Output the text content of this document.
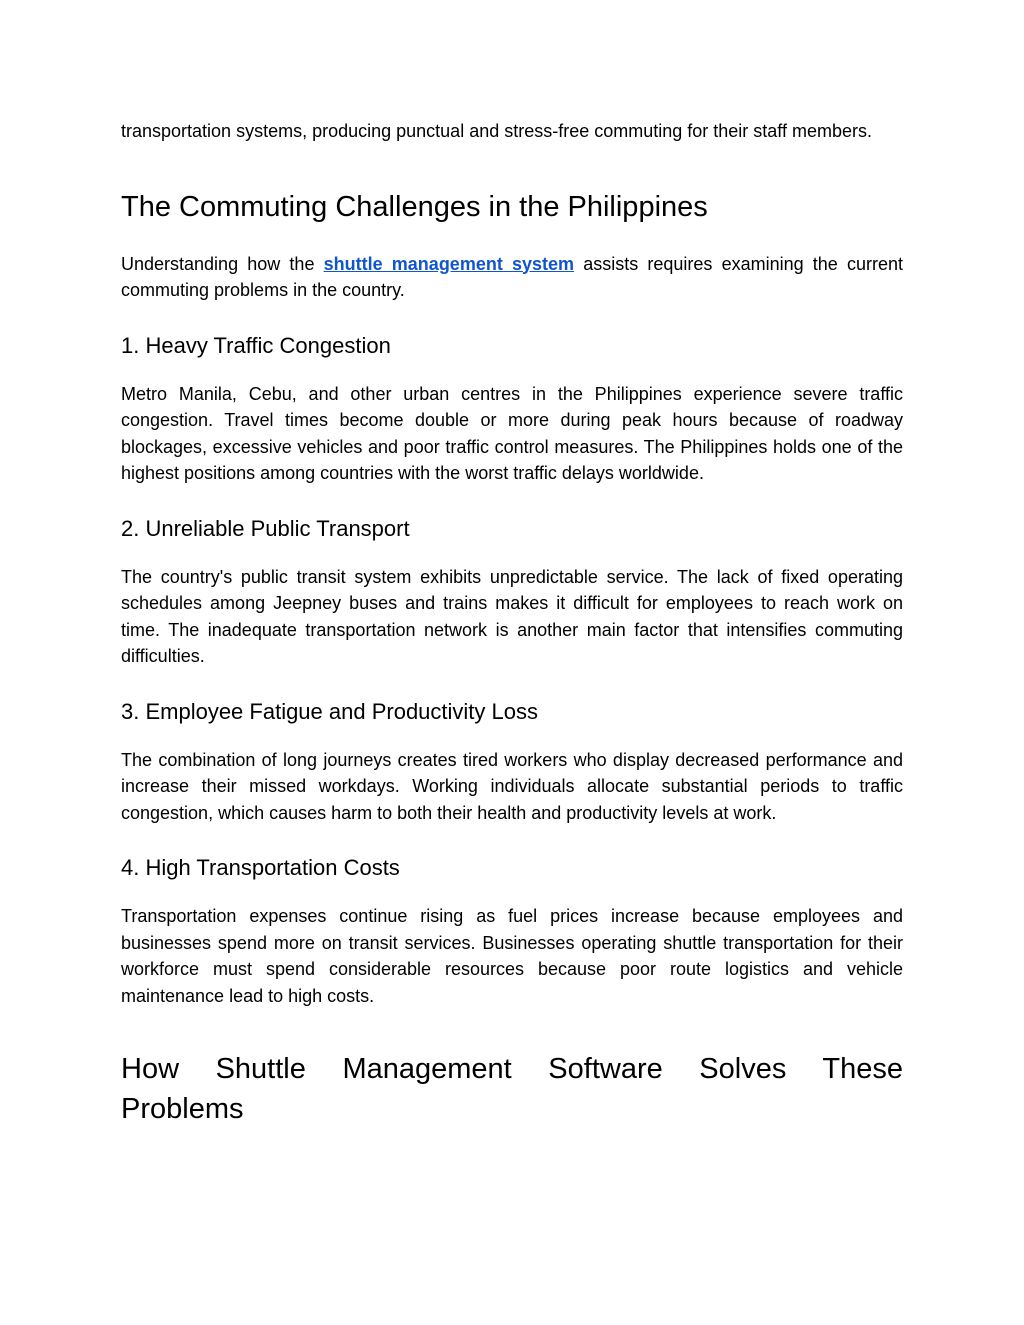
transportation systems, producing punctual and stress-free commuting for their staff members.

The Commuting Challenges in the Philippines

Understanding how the shuttle management system assists requires examining the current commuting problems in the country.

1. Heavy Traffic Congestion

Metro Manila, Cebu, and other urban centres in the Philippines experience severe traffic congestion. Travel times become double or more during peak hours because of roadway blockages, excessive vehicles and poor traffic control measures. The Philippines holds one of the highest positions among countries with the worst traffic delays worldwide.

2. Unreliable Public Transport

The country's public transit system exhibits unpredictable service. The lack of fixed operating schedules among Jeepney buses and trains makes it difficult for employees to reach work on time. The inadequate transportation network is another main factor that intensifies commuting difficulties.

3. Employee Fatigue and Productivity Loss

The combination of long journeys creates tired workers who display decreased performance and increase their missed workdays. Working individuals allocate substantial periods to traffic congestion, which causes harm to both their health and productivity levels at work.

4. High Transportation Costs

Transportation expenses continue rising as fuel prices increase because employees and businesses spend more on transit services. Businesses operating shuttle transportation for their workforce must spend considerable resources because poor route logistics and vehicle maintenance lead to high costs.

How Shuttle Management Software Solves These
Problems
